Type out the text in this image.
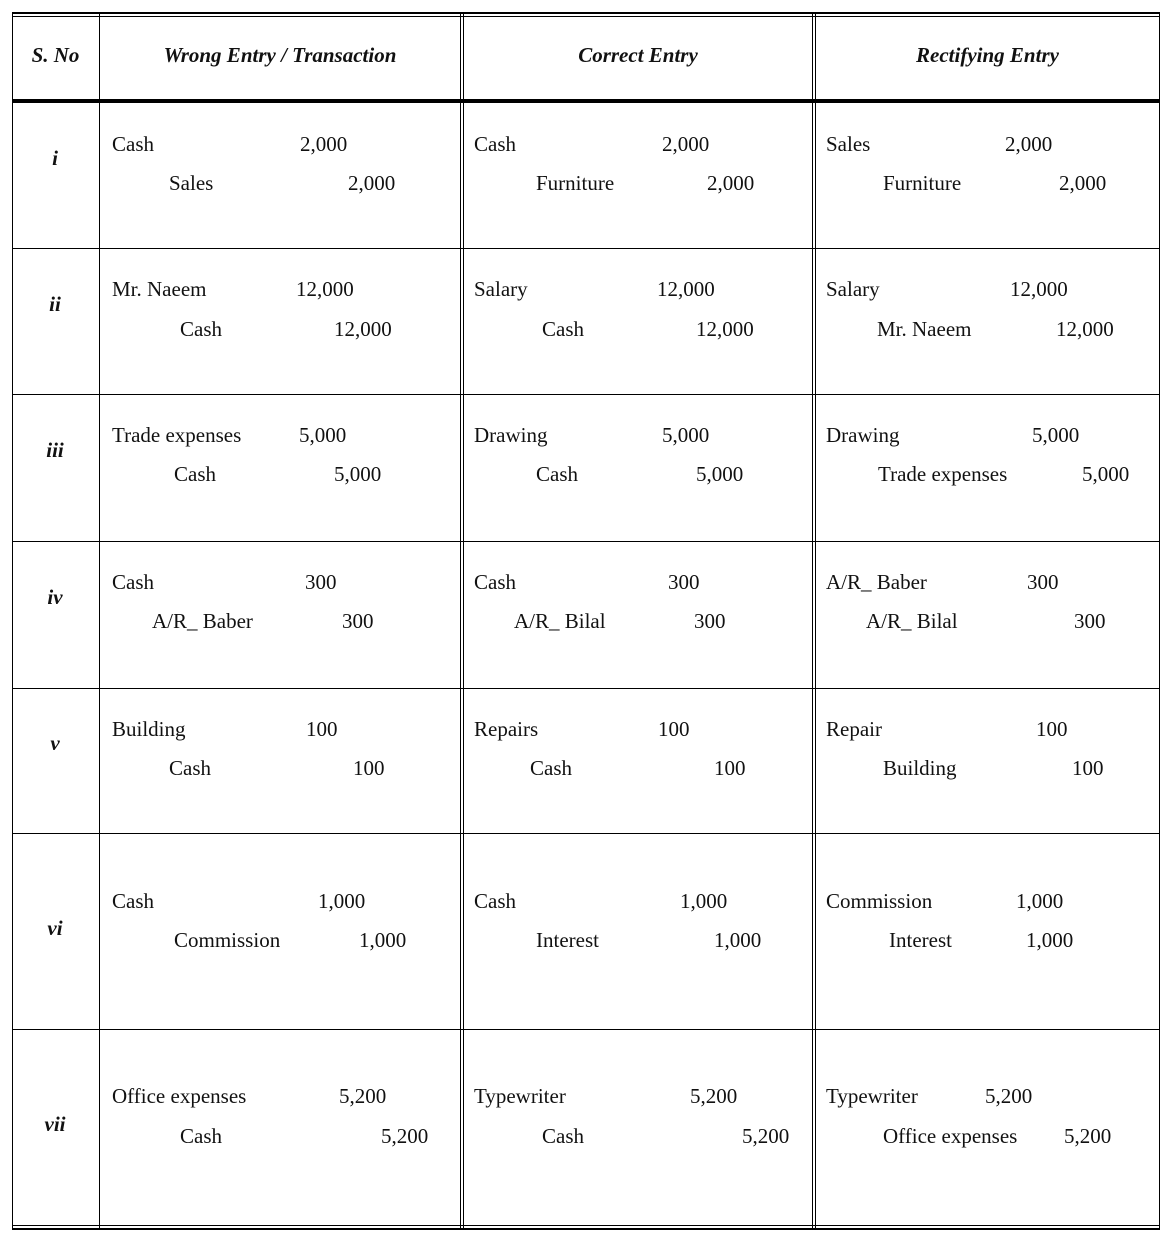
S. No	Wrong Entry / Transaction	Correct Entry	Rectifying Entry
i
Cash	2,000
Sales	2,000
Cash	2,000
Furniture	2,000
Sales	2,000
Furniture	2,000
ii
Mr. Naeem	12,000
Cash	12,000
Salary	12,000
Cash	12,000
Salary	12,000
Mr. Naeem	12,000
iii
Trade expenses	5,000
Cash	5,000
Drawing	5,000
Cash	5,000
Drawing	5,000
Trade expenses	5,000
iv
Cash	300
A/R_ Baber	300
Cash	300
A/R_ Bilal	300
A/R_ Baber	300
A/R_ Bilal	300
v
Building	100
Cash	100
Repairs	100
Cash	100
Repair	100
Building	100
vi
Cash	1,000
Commission	1,000
Cash	1,000
Interest	1,000
Commission	1,000
Interest	1,000
vii
Office expenses	5,200
Cash	5,200
Typewriter	5,200
Cash	5,200
Typewriter	5,200
Office expenses 5,200
